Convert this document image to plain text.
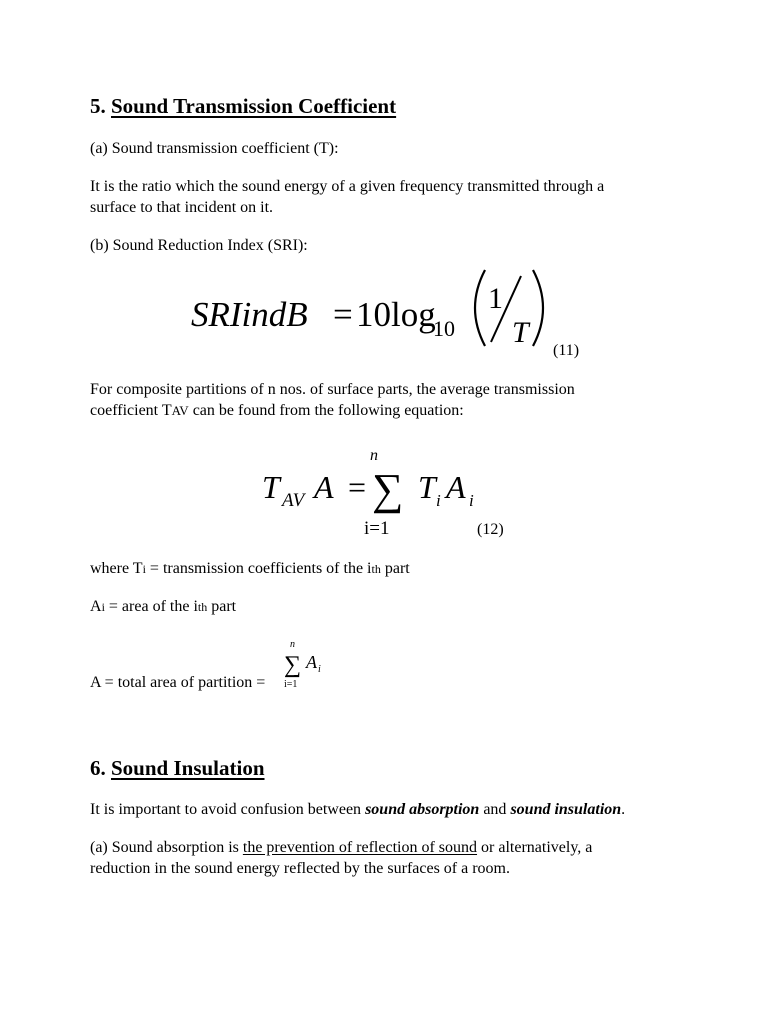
5. Sound Transmission Coefficient
(a) Sound transmission coefficient (T):
It is the ratio which the sound energy of a given frequency transmitted through a
surface to that incident on it.
(b) Sound Reduction Index (SRI):
SRIindB = 10 log
10
1
T
(11)
For composite partitions of n nos. of surface parts, the average transmission
coefficient TAV can be found from the following equation:
T AV A =
n
∑
i=1
T i A i
(12)
where Ti = transmission coefficients of the ith part
Ai = area of the ith part
A = total area of partition =
n
∑
i=1
A i
6. Sound Insulation
It is important to avoid confusion between sound absorption and sound insulation.
(a) Sound absorption is the prevention of reflection of sound or alternatively, a
reduction in the sound energy reflected by the surfaces of a room.
